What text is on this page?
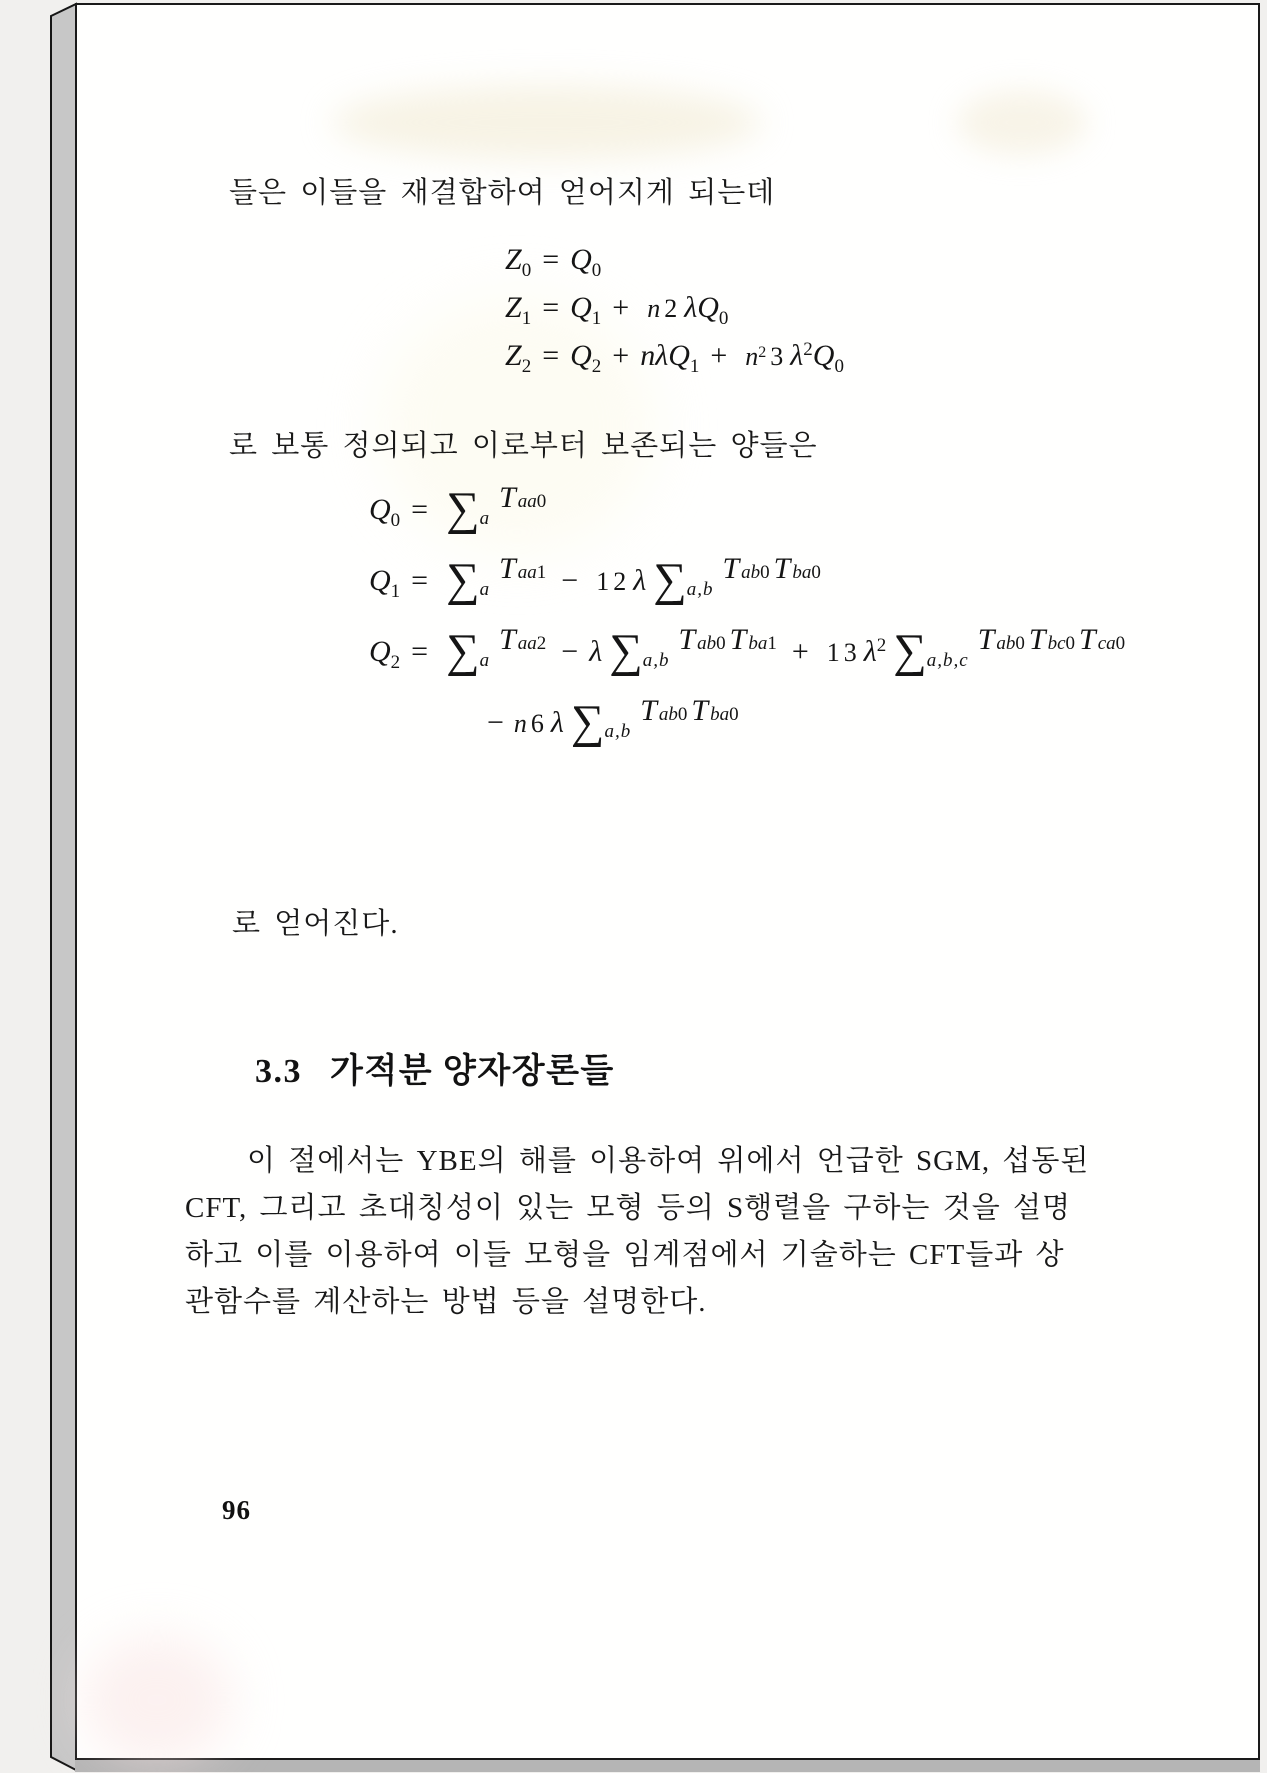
들은 이들을 재결합하여 얻어지게 되는데

Z0 = Q0
Z1 = Q1 + n 2 λ Q0
Z2 = Q2 + n λ Q1 + n2 3 λ2 Q0

로 보통 정의되고 이로부터 보존되는 양들은

Q0 = ∑a
T aa0
Q1 = ∑a
T aa1 − 1 2 λ ∑a,b
T ab0 T ba0
Q2 = ∑a
T aa2 − λ ∑a,b
T ab0 T ba1 + 1 3 λ2 ∑a,b,c
T ab0 T bc0 T ca0
− n 6 λ ∑a,b
T ab0 T ba0

로 얻어진다.

3.3 가적분 양자장론들
이 절에서는 YBE의 해를 이용하여 위에서 언급한 SGM, 섭동된
CFT, 그리고 초대칭성이 있는 모형 등의 S행렬을 구하는 것을 설명
하고 이를 이용하여 이들 모형을 임계점에서 기술하는 CFT들과 상
관함수를 계산하는 방법 등을 설명한다.
96
